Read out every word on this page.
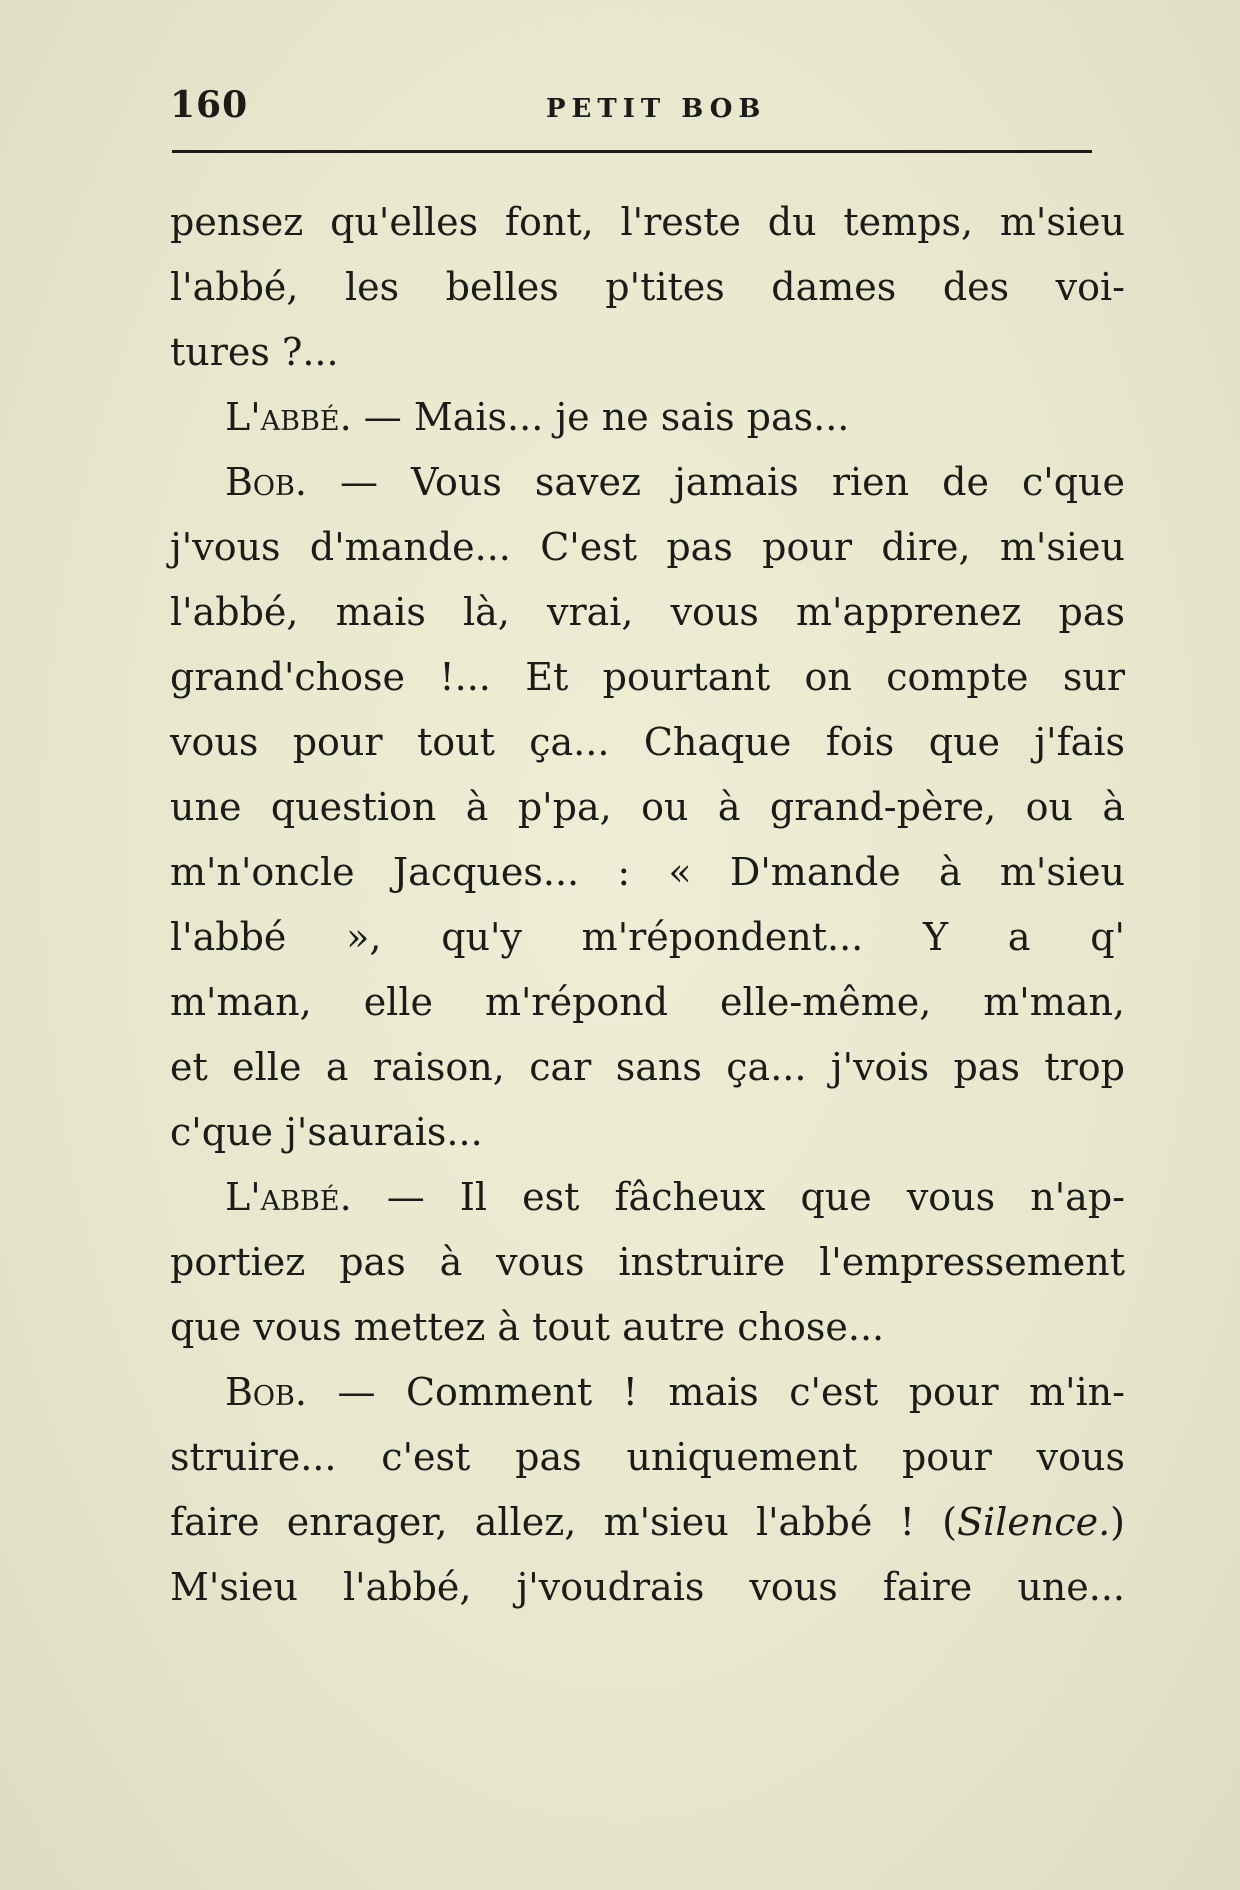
160	PETIT BOB
pensez qu'elles font, l'reste du temps, m'sieu
l'abbé, les belles p'tites dames des voi-
tures ?...
L'abbé. — Mais... je ne sais pas...
Bob. — Vous savez jamais rien de c'que
j'vous d'mande... C'est pas pour dire, m'sieu
l'abbé, mais là, vrai, vous m'apprenez pas
grand'chose !... Et pourtant on compte sur
vous pour tout ça... Chaque fois que j'fais
une question à p'pa, ou à grand-père, ou à
m'n'oncle Jacques... : « D'mande à m'sieu
l'abbé », qu'y m'répondent... Y a q'
m'man, elle m'répond elle-même, m'man,
et elle a raison, car sans ça... j'vois pas trop
c'que j'saurais...
L'abbé. — Il est fâcheux que vous n'ap-
portiez pas à vous instruire l'empressement
que vous mettez à tout autre chose...
Bob. — Comment ! mais c'est pour m'in-
struire... c'est pas uniquement pour vous
faire enrager, allez, m'sieu l'abbé ! (Silence.)
M'sieu l'abbé, j'voudrais vous faire une...
